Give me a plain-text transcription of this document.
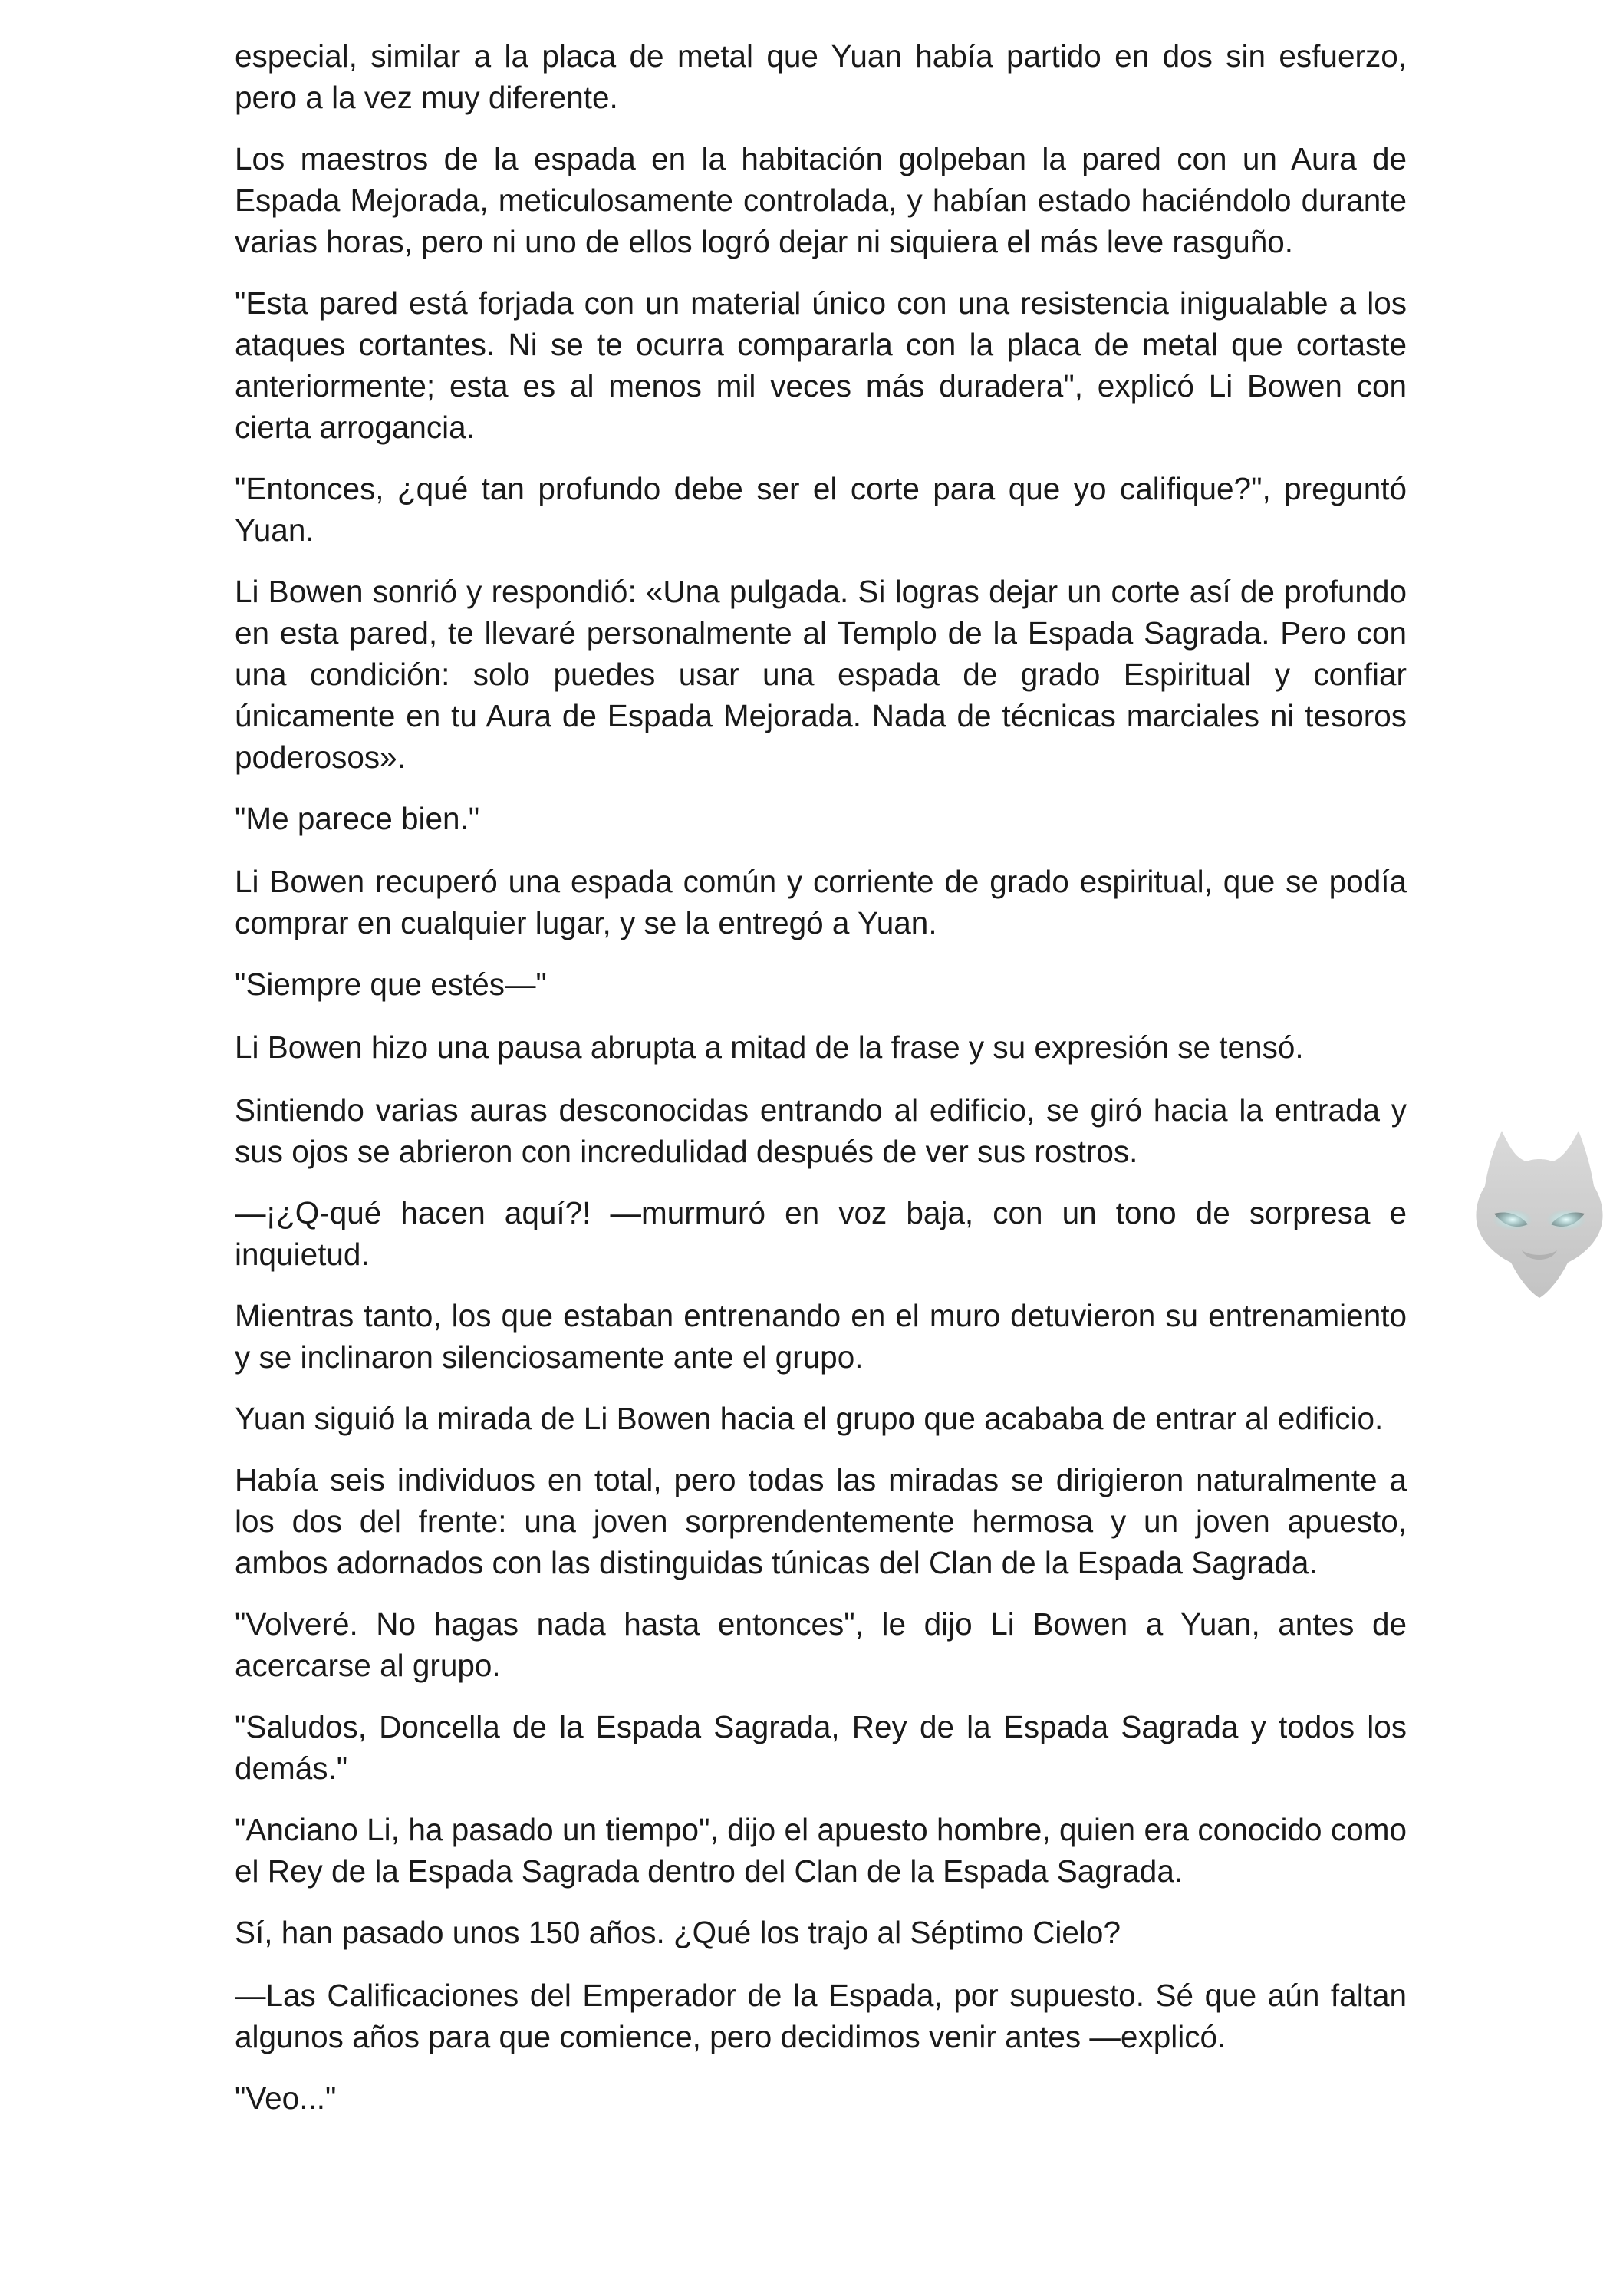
especial, similar a la placa de metal que Yuan había partido en dos sin esfuerzo, pero a la vez muy diferente.

Los maestros de la espada en la habitación golpeban la pared con un Aura de Espada Mejorada, meticulosamente controlada, y habían estado haciéndolo durante varias horas, pero ni uno de ellos logró dejar ni siquiera el más leve rasguño.

"Esta pared está forjada con un material único con una resistencia inigualable a los ataques cortantes. Ni se te ocurra compararla con la placa de metal que cortaste anteriormente; esta es al menos mil veces más duradera", explicó Li Bowen con cierta arrogancia.

"Entonces, ¿qué tan profundo debe ser el corte para que yo califique?", preguntó Yuan.

Li Bowen sonrió y respondió: «Una pulgada. Si logras dejar un corte así de profundo en esta pared, te llevaré personalmente al Templo de la Espada Sagrada. Pero con una condición: solo puedes usar una espada de grado Espiritual y confiar únicamente en tu Aura de Espada Mejorada. Nada de técnicas marciales ni tesoros poderosos».

"Me parece bien."

Li Bowen recuperó una espada común y corriente de grado espiritual, que se podía comprar en cualquier lugar, y se la entregó a Yuan.

"Siempre que estés—"

Li Bowen hizo una pausa abrupta a mitad de la frase y su expresión se tensó.

Sintiendo varias auras desconocidas entrando al edificio, se giró hacia la entrada y sus ojos se abrieron con incredulidad después de ver sus rostros.

—¡¿Q-qué hacen aquí?! —murmuró en voz baja, con un tono de sorpresa e inquietud.

Mientras tanto, los que estaban entrenando en el muro detuvieron su entrenamiento y se inclinaron silenciosamente ante el grupo.

Yuan siguió la mirada de Li Bowen hacia el grupo que acababa de entrar al edificio.

Había seis individuos en total, pero todas las miradas se dirigieron naturalmente a los dos del frente: una joven sorprendentemente hermosa y un joven apuesto, ambos adornados con las distinguidas túnicas del Clan de la Espada Sagrada.

"Volveré. No hagas nada hasta entonces", le dijo Li Bowen a Yuan, antes de acercarse al grupo.

"Saludos, Doncella de la Espada Sagrada, Rey de la Espada Sagrada y todos los demás."

"Anciano Li, ha pasado un tiempo", dijo el apuesto hombre, quien era conocido como el Rey de la Espada Sagrada dentro del Clan de la Espada Sagrada.

Sí, han pasado unos 150 años. ¿Qué los trajo al Séptimo Cielo?

—Las Calificaciones del Emperador de la Espada, por supuesto. Sé que aún faltan algunos años para que comience, pero decidimos venir antes —explicó.

"Veo..."
